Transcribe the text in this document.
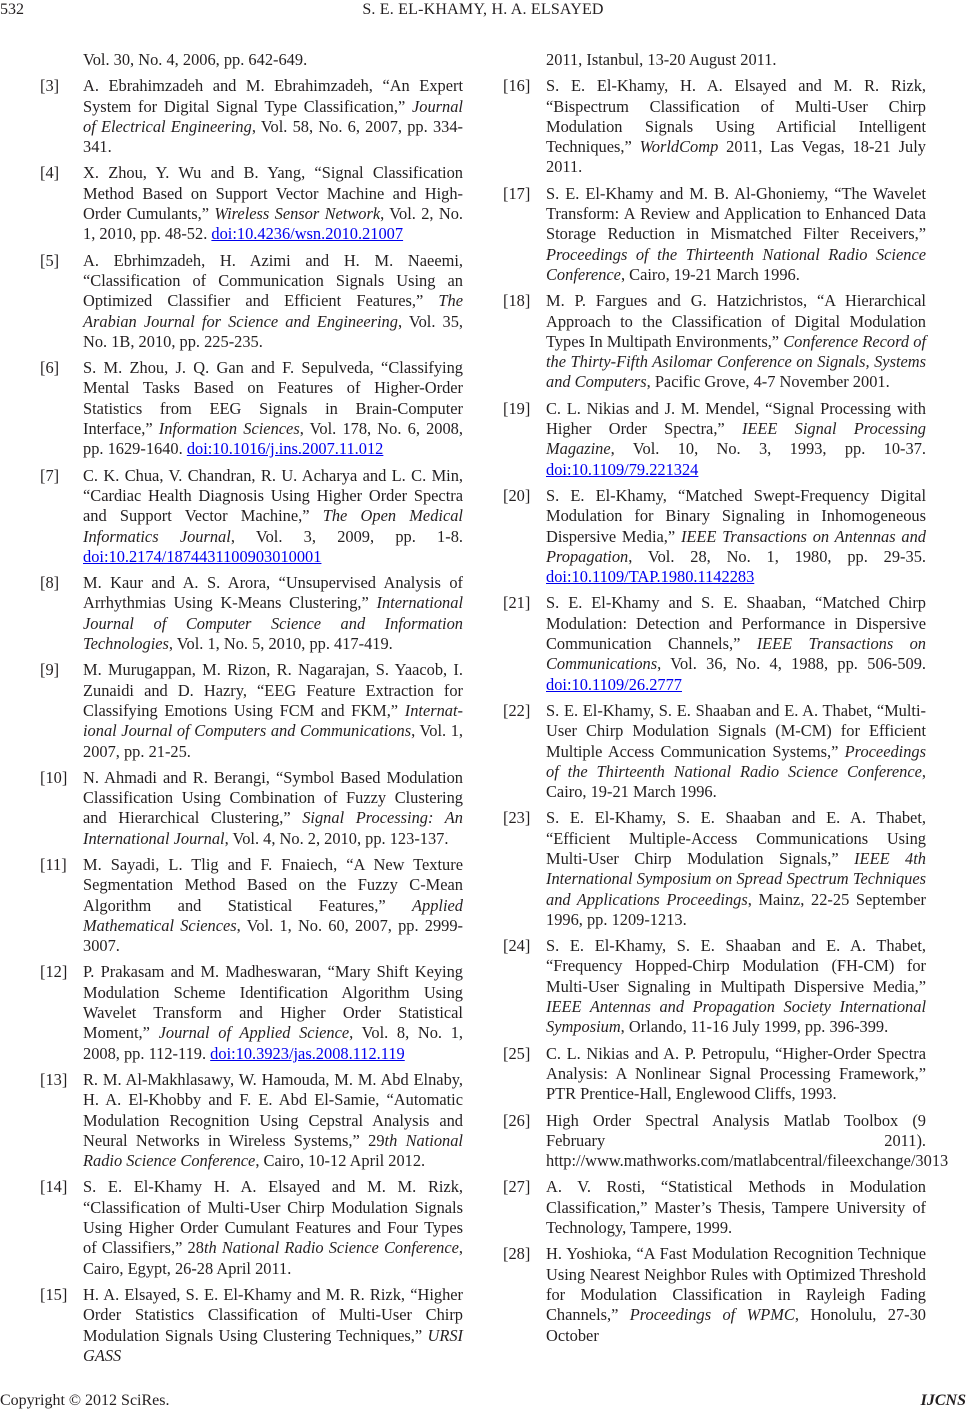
532	S. E. EL-KHAMY, H. A. ELSAYED
Vol. 30, No. 4, 2006, pp. 642-649.
[3] A. Ebrahimzadeh and M. Ebrahimzadeh, “An Expert System for Digital Signal Type Classification,” Journal of Electrical Engineering, Vol. 58, No. 6, 2007, pp. 334-341.
[4] X. Zhou, Y. Wu and B. Yang, “Signal Classification Method Based on Support Vector Machine and High-Order Cumulants,” Wireless Sensor Network, Vol. 2, No. 1, 2010, pp. 48-52. doi:10.4236/wsn.2010.21007
[5] A. Ebrhimzadeh, H. Azimi and H. M. Naeemi, “Classification of Communication Signals Using an Optimized Classifier and Efficient Features,” The Arabian Journal for Science and Engineering, Vol. 35, No. 1B, 2010, pp. 225-235.
[6] S. M. Zhou, J. Q. Gan and F. Sepulveda, “Classifying Mental Tasks Based on Features of Higher-Order Statistics from EEG Signals in Brain-Computer Interface,” Information Sciences, Vol. 178, No. 6, 2008, pp. 1629-1640. doi:10.1016/j.ins.2007.11.012
[7] C. K. Chua, V. Chandran, R. U. Acharya and L. C. Min, “Cardiac Health Diagnosis Using Higher Order Spectra and Support Vector Machine,” The Open Medical Informatics Journal, Vol. 3, 2009, pp. 1-8. doi:10.2174/1874431100903010001
[8] M. Kaur and A. S. Arora, “Unsupervised Analysis of Arrhythmias Using K-Means Clustering,” International Journal of Computer Science and Information Technologies, Vol. 1, No. 5, 2010, pp. 417-419.
[9] M. Murugappan, M. Rizon, R. Nagarajan, S. Yaacob, I. Zunaidi and D. Hazry, “EEG Feature Extraction for Classifying Emotions Using FCM and FKM,” Internat- ional Journal of Computers and Communications, Vol. 1, 2007, pp. 21-25.
[10] N. Ahmadi and R. Berangi, “Symbol Based Modulation Classification Using Combination of Fuzzy Clustering and Hierarchical Clustering,” Signal Processing: An International Journal, Vol. 4, No. 2, 2010, pp. 123-137.
[11] M. Sayadi, L. Tlig and F. Fnaiech, “A New Texture Segmentation Method Based on the Fuzzy C-Mean Algorithm and Statistical Features,” Applied Mathematical Sciences, Vol. 1, No. 60, 2007, pp. 2999-3007.
[12] P. Prakasam and M. Madheswaran, “Mary Shift Keying Modulation Scheme Identification Algorithm Using Wavelet Transform and Higher Order Statistical Moment,” Journal of Applied Science, Vol. 8, No. 1, 2008, pp. 112-119. doi:10.3923/jas.2008.112.119
[13] R. M. Al-Makhlasawy, W. Hamouda, M. M. Abd Elnaby, H. A. El-Khobby and F. E. Abd El-Samie, “Automatic Modulation Recognition Using Cepstral Analysis and Neural Networks in Wireless Systems,” 29th National Radio Science Conference, Cairo, 10-12 April 2012.
[14] S. E. El-Khamy H. A. Elsayed and M. M. Rizk, “Classification of Multi-User Chirp Modulation Signals Using Higher Order Cumulant Features and Four Types of Classifiers,” 28th National Radio Science Conference, Cairo, Egypt, 26-28 April 2011.
[15] H. A. Elsayed, S. E. El-Khamy and M. R. Rizk, “Higher Order Statistics Classification of Multi-User Chirp Modulation Signals Using Clustering Techniques,” URSI GASS
2011, Istanbul, 13-20 August 2011.
[16] S. E. El-Khamy, H. A. Elsayed and M. R. Rizk, “Bispectrum Classification of Multi-User Chirp Modulation Signals Using Artificial Intelligent Techniques,” WorldComp 2011, Las Vegas, 18-21 July 2011.
[17] S. E. El-Khamy and M. B. Al-Ghoniemy, “The Wavelet Transform: A Review and Application to Enhanced Data Storage Reduction in Mismatched Filter Receivers,” Proceedings of the Thirteenth National Radio Science Conference, Cairo, 19-21 March 1996.
[18] M. P. Fargues and G. Hatzichristos, “A Hierarchical Approach to the Classification of Digital Modulation Types In Multipath Environments,” Conference Record of the Thirty-Fifth Asilomar Conference on Signals, Systems and Computers, Pacific Grove, 4-7 November 2001.
[19] C. L. Nikias and J. M. Mendel, “Signal Processing with Higher Order Spectra,” IEEE Signal Processing Magazine, Vol. 10, No. 3, 1993, pp. 10-37. doi:10.1109/79.221324
[20] S. E. El-Khamy, “Matched Swept-Frequency Digital Modulation for Binary Signaling in Inhomogeneous Dispersive Media,” IEEE Transactions on Antennas and Propagation, Vol. 28, No. 1, 1980, pp. 29-35. doi:10.1109/TAP.1980.1142283
[21] S. E. El-Khamy and S. E. Shaaban, “Matched Chirp Modulation: Detection and Performance in Dispersive Communication Channels,” IEEE Transactions on Communications, Vol. 36, No. 4, 1988, pp. 506-509. doi:10.1109/26.2777
[22] S. E. El-Khamy, S. E. Shaaban and E. A. Thabet, “Multi-User Chirp Modulation Signals (M-CM) for Efficient Multiple Access Communication Systems,” Proceedings of the Thirteenth National Radio Science Conference, Cairo, 19-21 March 1996.
[23] S. E. El-Khamy, S. E. Shaaban and E. A. Thabet, “Efficient Multiple-Access Communications Using Multi-User Chirp Modulation Signals,” IEEE 4th International Symposium on Spread Spectrum Techniques and Applications Proceedings, Mainz, 22-25 September 1996, pp. 1209-1213.
[24] S. E. El-Khamy, S. E. Shaaban and E. A. Thabet, “Frequency Hopped-Chirp Modulation (FH-CM) for Multi-User Signaling in Multipath Dispersive Media,” IEEE Antennas and Propagation Society International Symposium, Orlando, 11-16 July 1999, pp. 396-399.
[25] C. L. Nikias and A. P. Petropulu, “Higher-Order Spectra Analysis: A Nonlinear Signal Processing Framework,” PTR Prentice-Hall, Englewood Cliffs, 1993.
[26] High Order Spectral Analysis Matlab Toolbox (9 February 2011). http://www.mathworks.com/matlabcentral/fileexchange/3013
[27] A. V. Rosti, “Statistical Methods in Modulation Classification,” Master’s Thesis, Tampere University of Technology, Tampere, 1999.
[28] H. Yoshioka, “A Fast Modulation Recognition Technique Using Nearest Neighbor Rules with Optimized Threshold for Modulation Classification in Rayleigh Fading Channels,” Proceedings of WPMC, Honolulu, 27-30 October
Copyright © 2012 SciRes.	IJCNS
